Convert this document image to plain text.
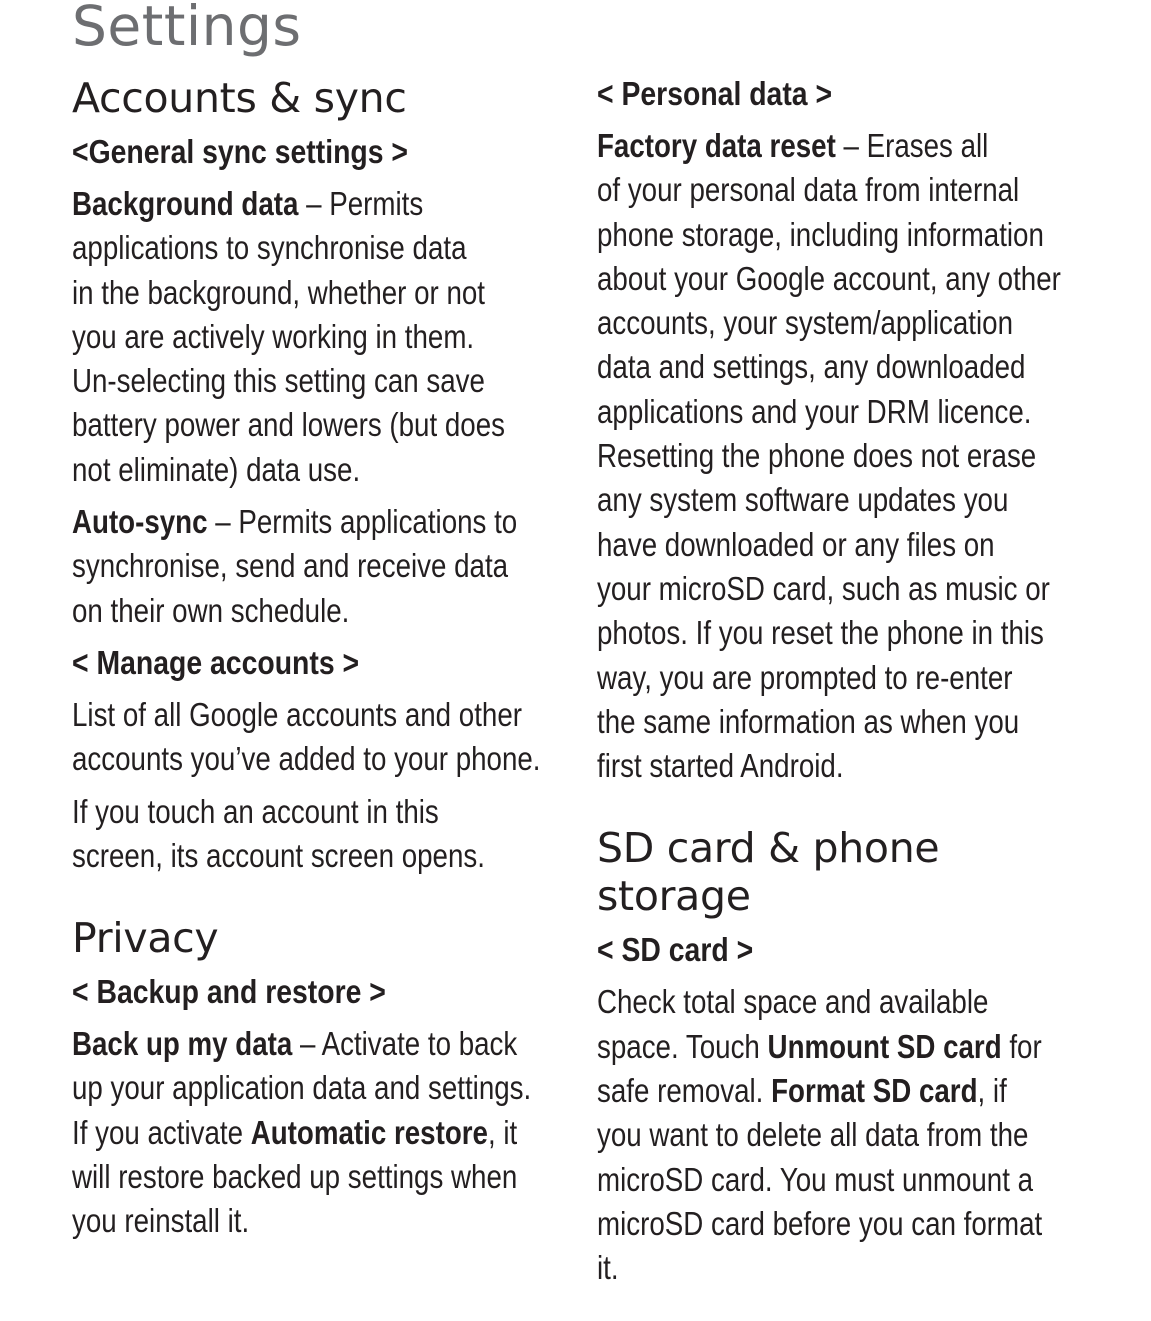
Settings
Accounts & sync

<General sync settings >

Background data – Permits
applications to synchronise data
in the background, whether or not
you are actively working in them.
Un-selecting this setting can save
battery power and lowers (but does
not eliminate) data use.
Auto-sync – Permits applications to
synchronise, send and receive data
on their own schedule.

< Manage accounts >

List of all Google accounts and other
accounts you’ve added to your phone.
If you touch an account in this
screen, its account screen opens.
Privacy

< Backup and restore >

Back up my data – Activate to back
up your application data and settings.
If you activate Automatic restore, it
will restore backed up settings when
you reinstall it.

< Personal data >

Factory data reset – Erases all
of your personal data from internal
phone storage, including information
about your Google account, any other
accounts, your system/application
data and settings, any downloaded
applications and your DRM licence.
Resetting the phone does not erase
any system software updates you
have downloaded or any files on
your microSD card, such as music or
photos. If you reset the phone in this
way, you are prompted to re-enter
the same information as when you
first started Android.
SD card & phone storage

< SD card >

Check total space and available
space. Touch Unmount SD card for
safe removal. Format SD card, if
you want to delete all data from the
microSD card. You must unmount a
microSD card before you can format
it.
